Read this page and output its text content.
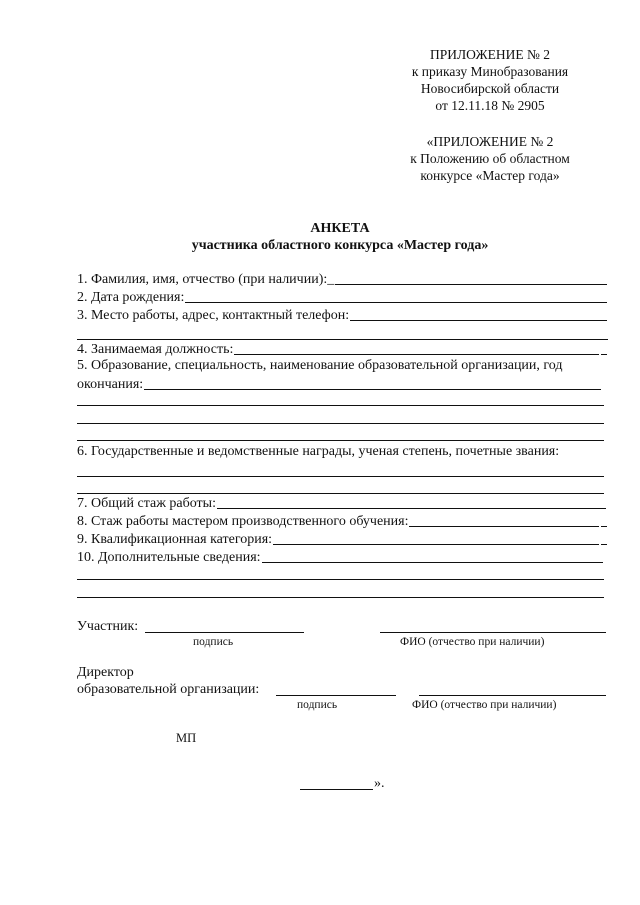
ПРИЛОЖЕНИЕ № 2
к приказу Минобразования
Новосибирской области
от 12.11.18 № 2905
«ПРИЛОЖЕНИЕ № 2
к Положению об областном
конкурсе «Мастер года»
АНКЕТА
участника областного конкурса «Мастер года»
1. Фамилия, имя, отчество (при наличии):_
2. Дата рождения:
3. Место работы, адрес, контактный телефон:
4. Занимаемая должность:
5. Образование, специальность, наименование образовательной организации, год
окончания:
6. Государственные и ведомственные награды, ученая степень, почетные звания:
7. Общий стаж работы:
8. Стаж работы мастером производственного обучения:
9. Квалификационная категория:
10. Дополнительные сведения:
Участник:
подпись	ФИО (отчество при наличии)
Директор
образовательной организации:
подпись	ФИО (отчество при наличии)
МП
».
